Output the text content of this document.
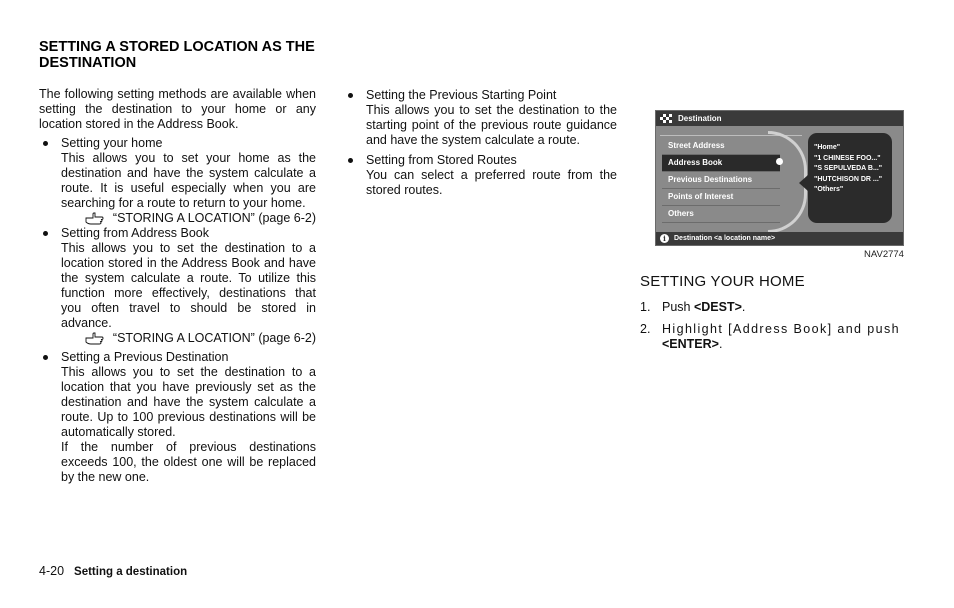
SETTING A STORED LOCATION AS THE DESTINATION

The following setting methods are available when setting the destination to your home or any location stored in the Address Book.

Setting your home
This allows you to set your home as the destination and have the system calculate a route. It is useful especially when you are searching for a route to return to your home.
“STORING A LOCATION” (page 6-2)
Setting from Address Book
This allows you to set the destination to a location stored in the Address Book and have the system calculate a route. To utilize this function more effectively, destinations that you often travel to should be stored in advance.
“STORING A LOCATION” (page 6-2)
Setting a Previous Destination
This allows you to set the destination to a location that you have previously set as the destination and have the system calculate a route. Up to 100 previous destinations will be automatically stored.
If the number of previous destinations exceeds 100, the oldest one will be replaced by the new one.
Setting the Previous Starting Point
This allows you to set the destination to the starting point of the previous route guidance and have the system calculate a route.
Setting from Stored Routes
You can select a preferred route from the stored routes.
Destination
Street Address
Address Book
Previous Destinations
Points of Interest
Others
"Home"
"1 CHINESE FOO..."
"S SEPULVEDA B..."
"HUTCHISON DR ..."
"Others"
i	Destination <a location name>
NAV2774
SETTING YOUR HOME
1. Push <DEST>.
2. Highlight [Address Book] and push
<ENTER>.
4-20 Setting a destination
